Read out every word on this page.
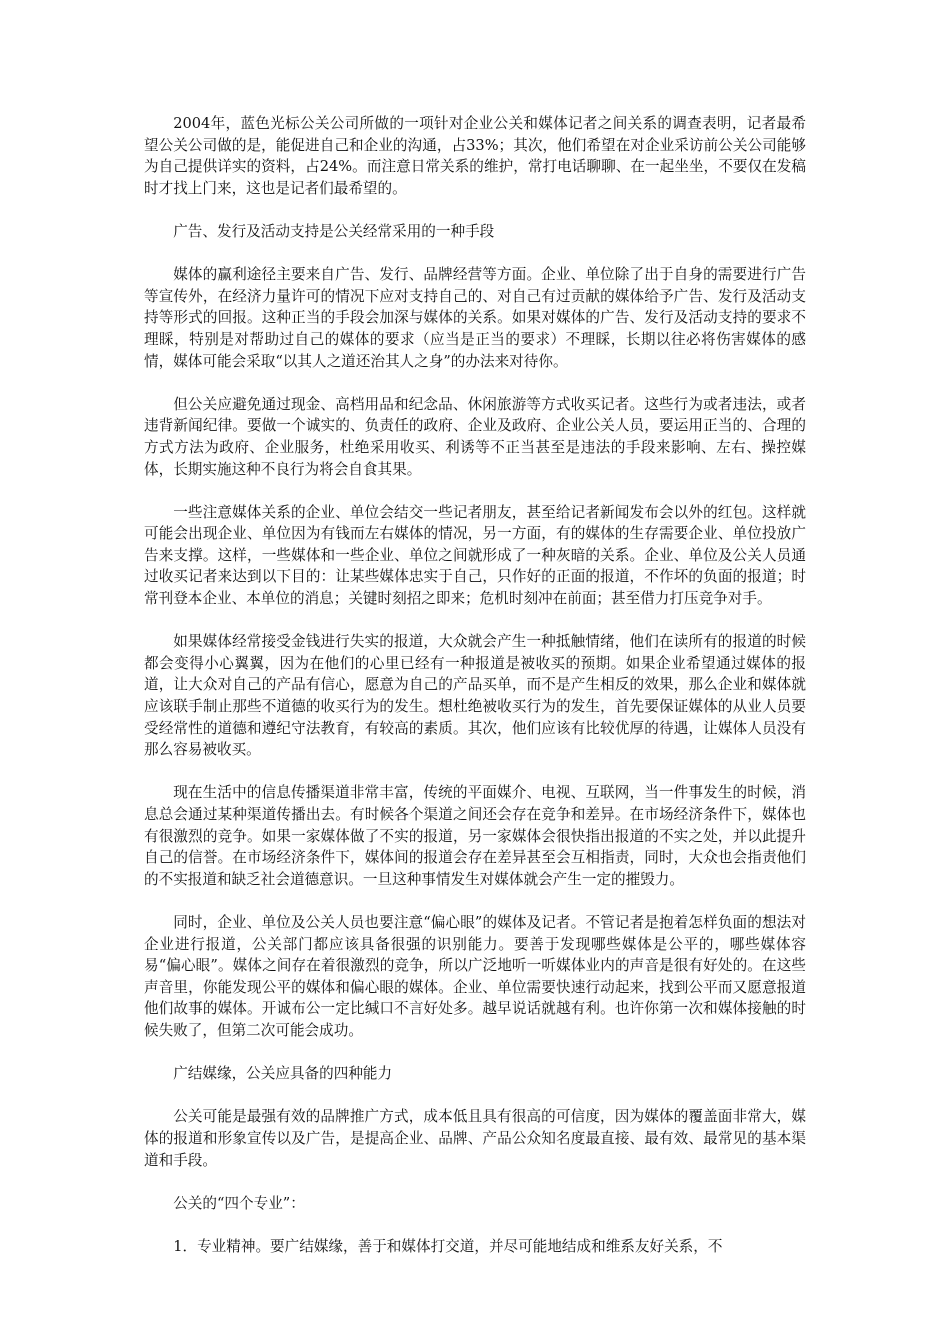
2004年，蓝色光标公关公司所做的一项针对企业公关和媒体记者之间关系的调查表明，记者最希望公关公司做的是，能促进自己和企业的沟通，占33%；其次，他们希望在对企业采访前公关公司能够为自己提供详实的资料，占24%。而注意日常关系的维护，常打电话聊聊、在一起坐坐，不要仅在发稿时才找上门来，这也是记者们最希望的。

广告、发行及活动支持是公关经常采用的一种手段

媒体的赢利途径主要来自广告、发行、品牌经营等方面。企业、单位除了出于自身的需要进行广告等宣传外，在经济力量许可的情况下应对支持自己的、对自己有过贡献的媒体给予广告、发行及活动支持等形式的回报。这种正当的手段会加深与媒体的关系。如果对媒体的广告、发行及活动支持的要求不理睬，特别是对帮助过自己的媒体的要求（应当是正当的要求）不理睬，长期以往必将伤害媒体的感情，媒体可能会采取“以其人之道还治其人之身”的办法来对待你。

但公关应避免通过现金、高档用品和纪念品、休闲旅游等方式收买记者。这些行为或者违法，或者违背新闻纪律。要做一个诚实的、负责任的政府、企业及政府、企业公关人员，要运用正当的、合理的方式方法为政府、企业服务，杜绝采用收买、利诱等不正当甚至是违法的手段来影响、左右、操控媒体，长期实施这种不良行为将会自食其果。

一些注意媒体关系的企业、单位会结交一些记者朋友，甚至给记者新闻发布会以外的红包。这样就可能会出现企业、单位因为有钱而左右媒体的情况，另一方面，有的媒体的生存需要企业、单位投放广告来支撑。这样，一些媒体和一些企业、单位之间就形成了一种灰暗的关系。企业、单位及公关人员通过收买记者来达到以下目的：让某些媒体忠实于自己，只作好的正面的报道，不作坏的负面的报道；时常刊登本企业、本单位的消息；关键时刻招之即来；危机时刻冲在前面；甚至借力打压竞争对手。

如果媒体经常接受金钱进行失实的报道，大众就会产生一种抵触情绪，他们在读所有的报道的时候都会变得小心翼翼，因为在他们的心里已经有一种报道是被收买的预期。如果企业希望通过媒体的报道，让大众对自己的产品有信心，愿意为自己的产品买单，而不是产生相反的效果，那么企业和媒体就应该联手制止那些不道德的收买行为的发生。想杜绝被收买行为的发生，首先要保证媒体的从业人员要受经常性的道德和遵纪守法教育，有较高的素质。其次，他们应该有比较优厚的待遇，让媒体人员没有那么容易被收买。

现在生活中的信息传播渠道非常丰富，传统的平面媒介、电视、互联网，当一件事发生的时候，消息总会通过某种渠道传播出去。有时候各个渠道之间还会存在竞争和差异。在市场经济条件下，媒体也有很激烈的竞争。如果一家媒体做了不实的报道，另一家媒体会很快指出报道的不实之处，并以此提升自己的信誉。在市场经济条件下，媒体间的报道会存在差异甚至会互相指责，同时，大众也会指责他们的不实报道和缺乏社会道德意识。一旦这种事情发生对媒体就会产生一定的摧毁力。

同时，企业、单位及公关人员也要注意“偏心眼”的媒体及记者。不管记者是抱着怎样负面的想法对企业进行报道，公关部门都应该具备很强的识别能力。要善于发现哪些媒体是公平的，哪些媒体容易“偏心眼”。媒体之间存在着很激烈的竞争，所以广泛地听一听媒体业内的声音是很有好处的。在这些声音里，你能发现公平的媒体和偏心眼的媒体。企业、单位需要快速行动起来，找到公平而又愿意报道他们故事的媒体。开诚布公一定比缄口不言好处多。越早说话就越有利。也许你第一次和媒体接触的时候失败了，但第二次可能会成功。

广结媒缘，公关应具备的四种能力

公关可能是最强有效的品牌推广方式，成本低且具有很高的可信度，因为媒体的覆盖面非常大，媒体的报道和形象宣传以及广告，是提高企业、品牌、产品公众知名度最直接、最有效、最常见的基本渠道和手段。

公关的“四个专业”：

1．专业精神。要广结媒缘，善于和媒体打交道，并尽可能地结成和维系友好关系，不
